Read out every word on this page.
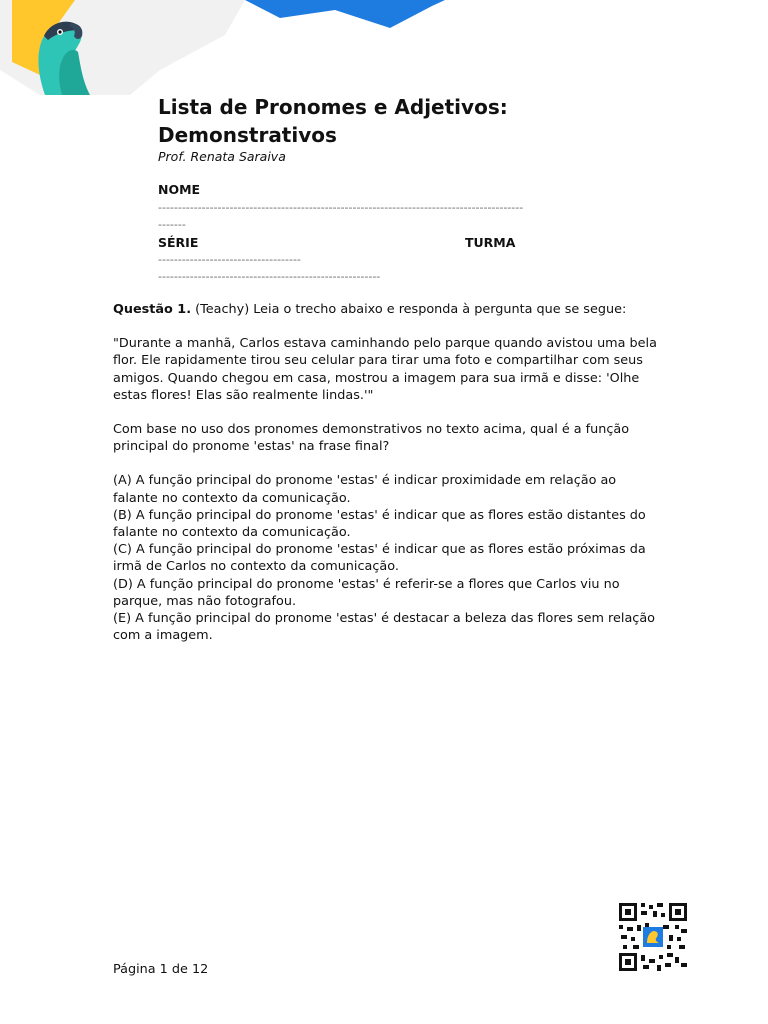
Lista de Pronomes e Adjetivos:
Demonstrativos
Prof. Renata Saraiva
NOME
--------------------------------------------------------------------------------------------
-------
SÉRIE	TURMA
------------------------------------
--------------------------------------------------------

Questão 1. (Teachy) Leia o trecho abaixo e responda à pergunta que se segue:

"Durante a manhã, Carlos estava caminhando pelo parque quando avistou uma bela flor. Ele rapidamente tirou seu celular para tirar uma foto e compartilhar com seus amigos. Quando chegou em casa, mostrou a imagem para sua irmã e disse: 'Olhe estas flores! Elas são realmente lindas.'"

Com base no uso dos pronomes demonstrativos no texto acima, qual é a função principal do pronome 'estas' na frase final?

(A) A função principal do pronome 'estas' é indicar proximidade em relação ao falante no contexto da comunicação.
(B) A função principal do pronome 'estas' é indicar que as flores estão distantes do falante no contexto da comunicação.
(C) A função principal do pronome 'estas' é indicar que as flores estão próximas da irmã de Carlos no contexto da comunicação.
(D) A função principal do pronome 'estas' é referir-se a flores que Carlos viu no parque, mas não fotografou.
(E) A função principal do pronome 'estas' é destacar a beleza das flores sem relação com a imagem.
Página 1 de 12
